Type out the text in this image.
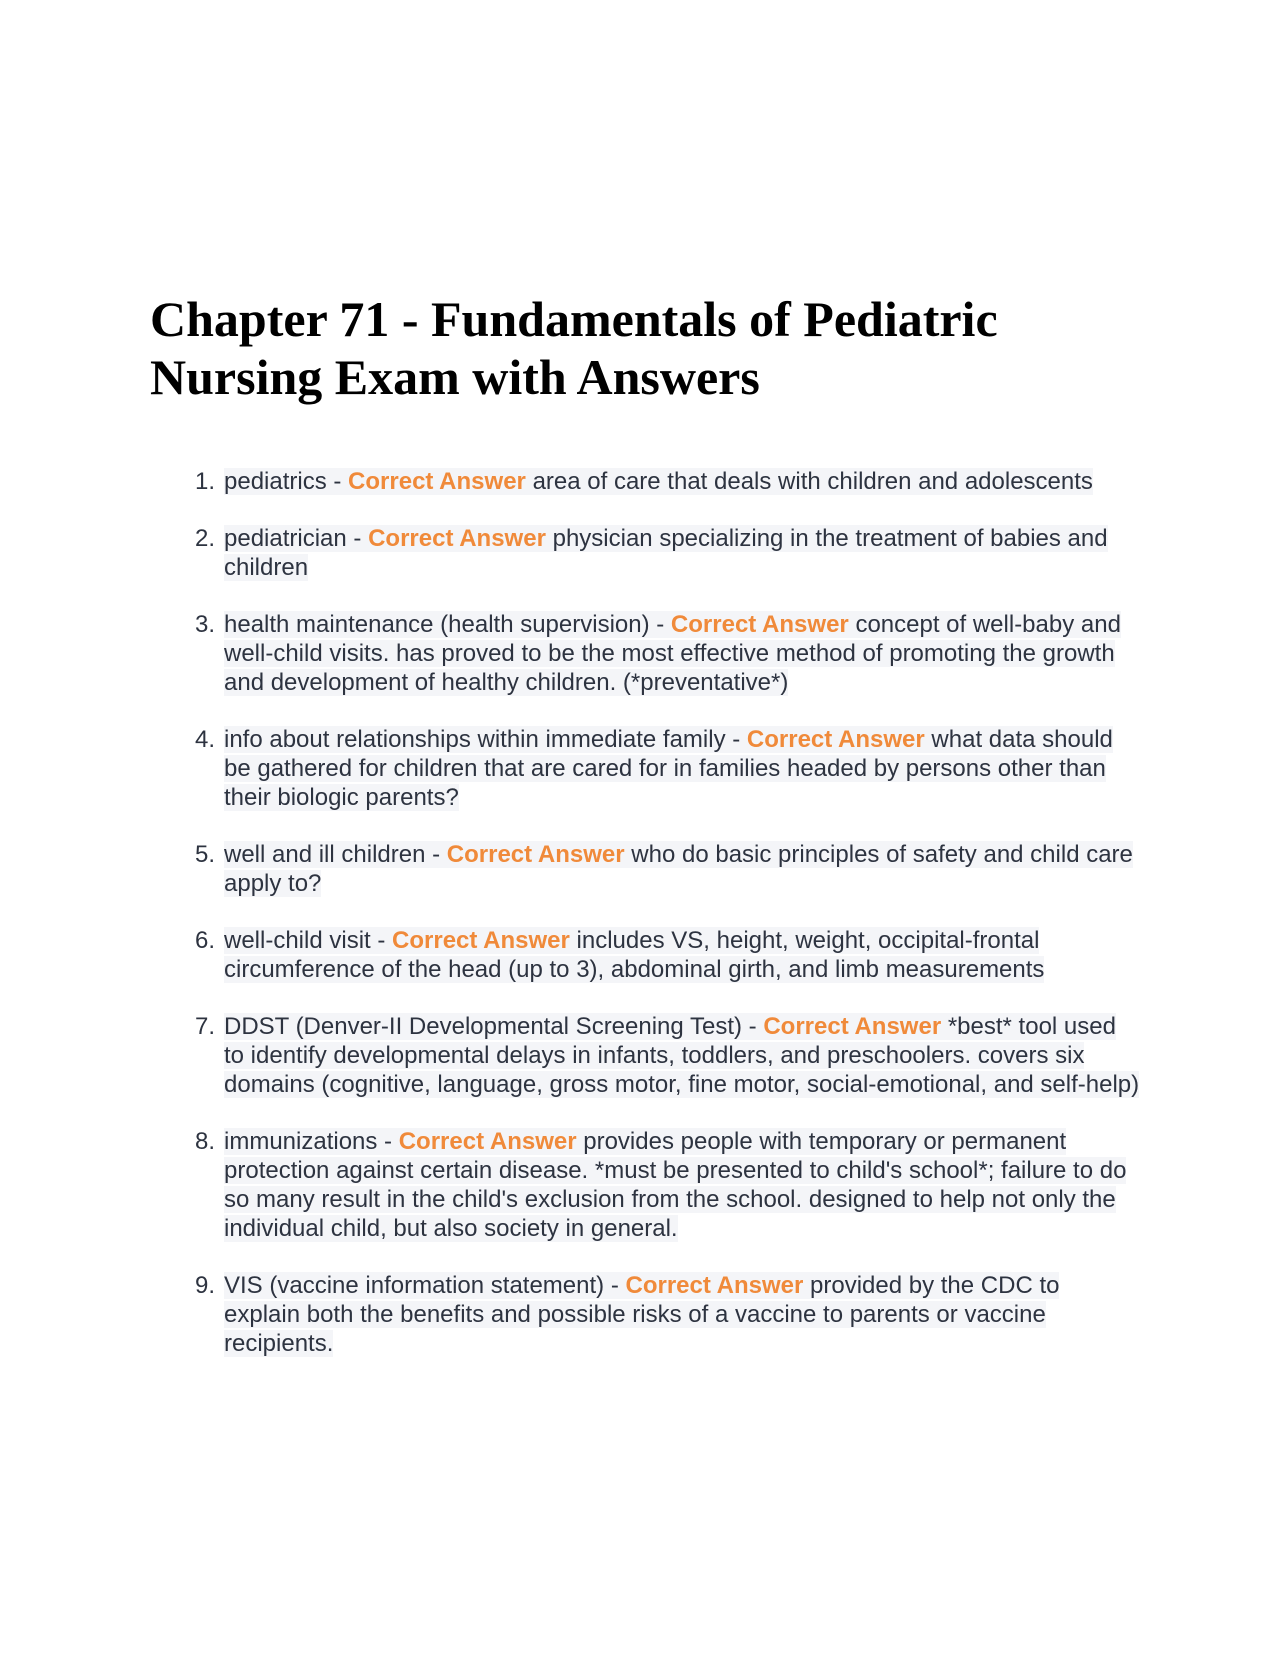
Chapter 71 - Fundamentals of Pediatric Nursing Exam with Answers
1. pediatrics - Correct Answer area of care that deals with children and adolescents
2. pediatrician - Correct Answer physician specializing in the treatment of babies and children
3. health maintenance (health supervision) - Correct Answer concept of well-baby and well-child visits. has proved to be the most effective method of promoting the growth and development of healthy children. (*preventative*)
4. info about relationships within immediate family - Correct Answer what data should be gathered for children that are cared for in families headed by persons other than their biologic parents?
5. well and ill children - Correct Answer who do basic principles of safety and child care apply to?
6. well-child visit - Correct Answer includes VS, height, weight, occipital-frontal circumference of the head (up to 3), abdominal girth, and limb measurements
7. DDST (Denver-II Developmental Screening Test) - Correct Answer *best* tool used to identify developmental delays in infants, toddlers, and preschoolers. covers six domains (cognitive, language, gross motor, fine motor, social-emotional, and self-help)
8. immunizations - Correct Answer provides people with temporary or permanent protection against certain disease. *must be presented to child's school*; failure to do so many result in the child's exclusion from the school. designed to help not only the individual child, but also society in general.
9. VIS (vaccine information statement) - Correct Answer provided by the CDC to explain both the benefits and possible risks of a vaccine to parents or vaccine recipients.
